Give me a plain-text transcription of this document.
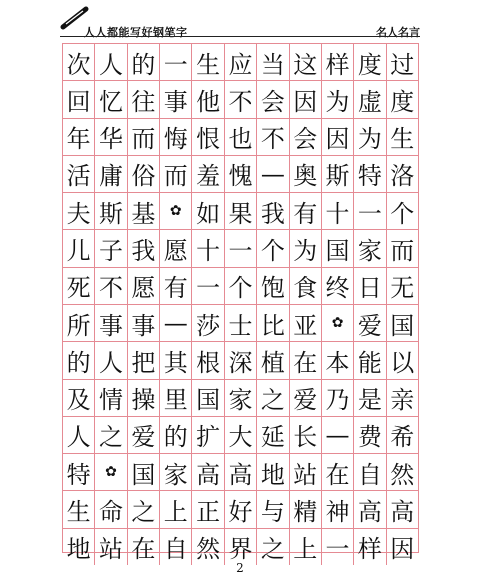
人人都能写好钢笔字	名人名言
次 人 的 一 生 应 当 这 样 度 过
回 忆 往 事 他 不 会 因 为 虚 度
年 华 而 悔 恨 也 不 会 因 为 生
活 庸 俗 而 羞 愧 — 奥 斯 特 洛
夫 斯 基	✿ 如 果 我 有 十 一 个
儿 子 我 愿 十 一 个 为 国 家 而
死 不 愿 有 一 个 饱 食 终 日 无
所 事 事 — 莎 士 比 亚	✿ 爱 国
的 人 把 其 根 深 植 在 本 能 以
及 情 操 里 国 家 之 爱 乃 是 亲
人 之 爱 的 扩 大 延 长 — 费 希
特	✿ 国 家 高 高 地 站 在 自 然
生 命 之 上 正 好 与 精 神 高 高
地 站 在 自 然 界 之 上 一 样 因
2
